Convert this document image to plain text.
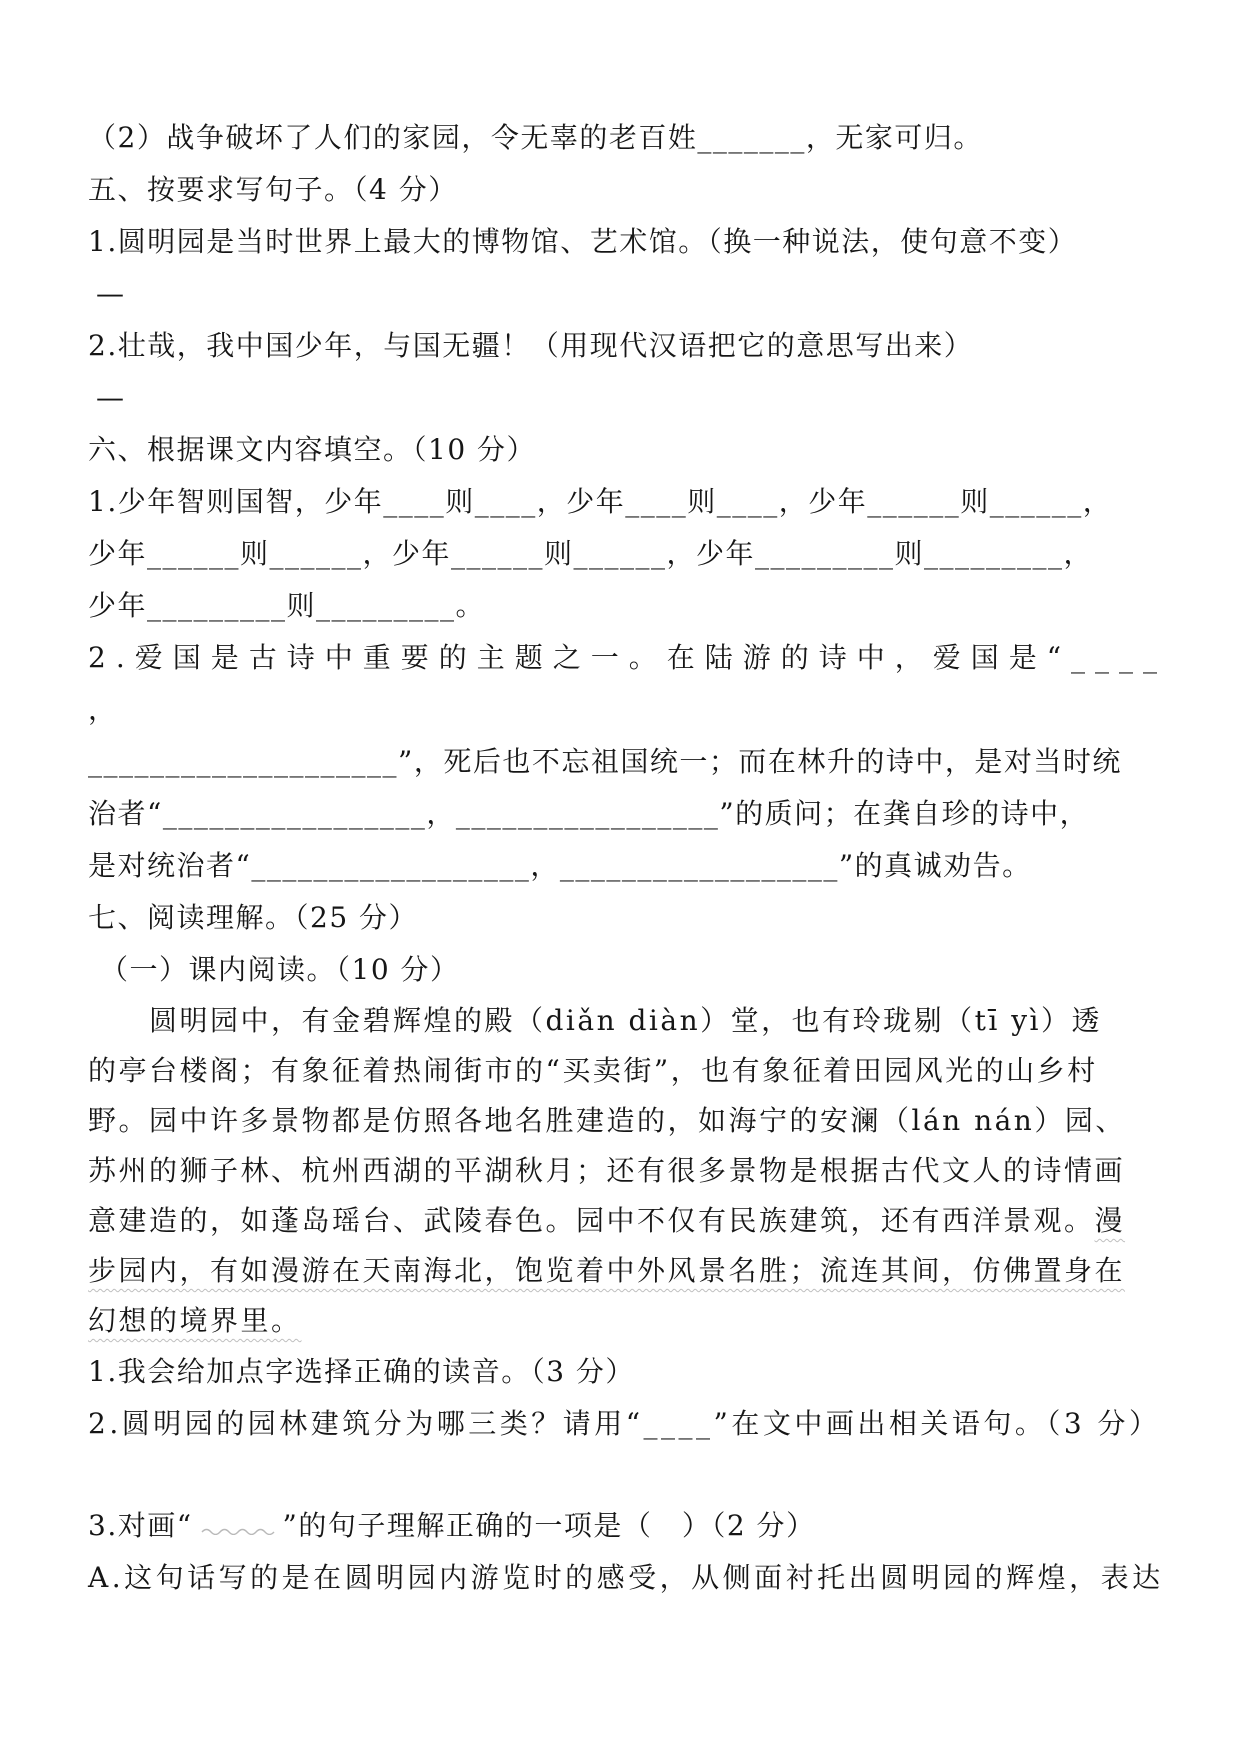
（2）战争破坏了人们的家园，令无辜的老百姓_______，无家可归。
五、按要求写句子。（4 分）
1.圆明园是当时世界上最大的博物馆、艺术馆。（换一种说法，使句意不变）
—
2.壮哉，我中国少年，与国无疆！（用现代汉语把它的意思写出来）
—
六、根据课文内容填空。（10 分）
1.少年智则国智，少年____则____，少年____则____，少年______则______，
少年______则______，少年______则______，少年_________则_________，
少年_________则_________。
2.爱国是古诗中重要的主题之一。在陆游的诗中，爱国是“____
，
____________________”，死后也不忘祖国统一；而在林升的诗中，是对当时统
治者“_________________，_________________”的质问；在龚自珍的诗中，
是对统治者“__________________，__________________”的真诚劝告。
七、阅读理解。（25 分）
（一）课内阅读。（10 分）
　　圆明园中，有金碧辉煌的殿（diǎn diàn）堂，也有玲珑剔（tī yì）透
的亭台楼阁；有象征着热闹街市的“买卖街”，也有象征着田园风光的山乡村
野。园中许多景物都是仿照各地名胜建造的，如海宁的安澜（lán nán）园、
苏州的狮子林、杭州西湖的平湖秋月；还有很多景物是根据古代文人的诗情画
意建造的，如蓬岛瑶台、武陵春色。园中不仅有民族建筑，还有西洋景观。漫
步园内，有如漫游在天南海北，饱览着中外风景名胜；流连其间，仿佛置身在
幻想的境界里。
1.我会给加点字选择正确的读音。（3 分）
2.圆明园的园林建筑分为哪三类？请用“____”在文中画出相关语句。（3 分）
3.对画“	”的句子理解正确的一项是（　）（2 分）
A.这句话写的是在圆明园内游览时的感受，从侧面衬托出圆明园的辉煌，表达
